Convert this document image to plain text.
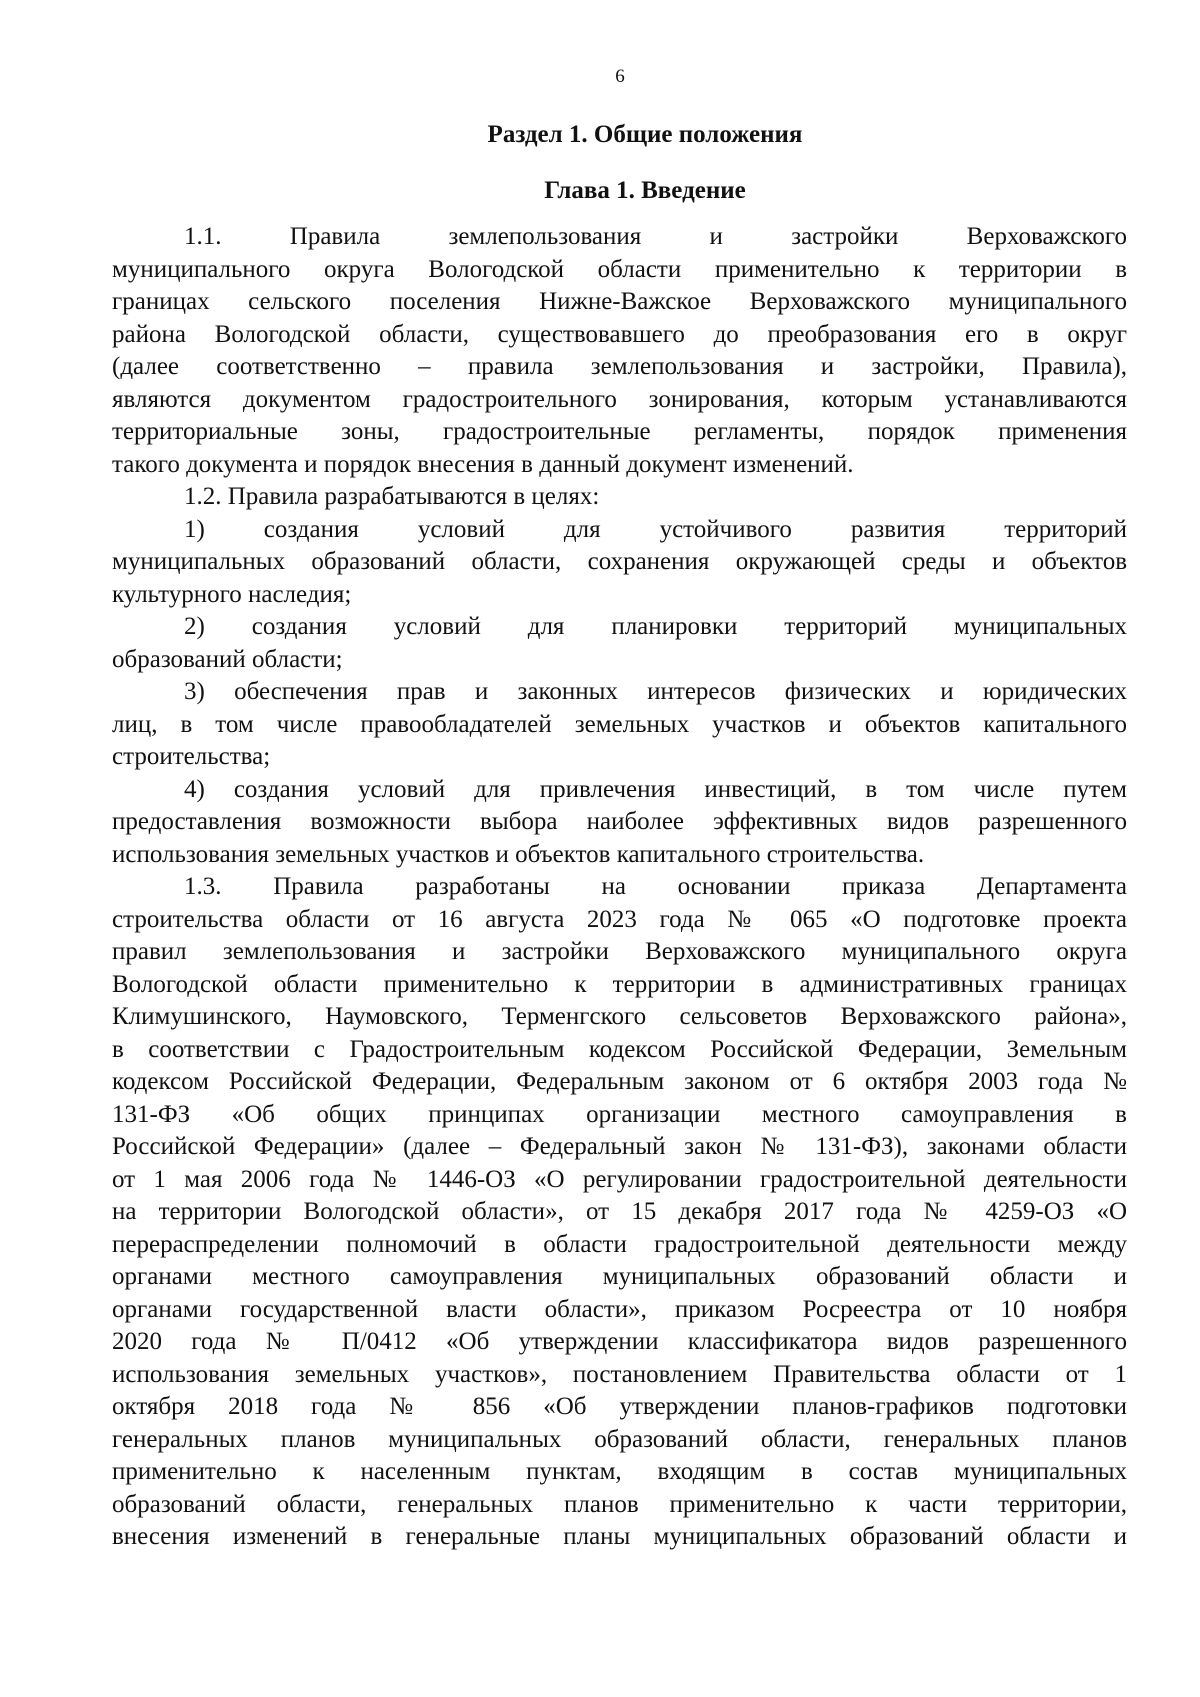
6
Раздел 1. Общие положения
Глава 1. Введение
1.1. Правила землепользования и застройки Верховажского
муниципального округа Вологодской области применительно к территории в
границах сельского поселения Нижне-Важское Верховажского муниципального
района Вологодской области, существовавшего до преобразования его в округ
(далее соответственно – правила землепользования и застройки, Правила),
являются документом градостроительного зонирования, которым устанавливаются
территориальные зоны, градостроительные регламенты, порядок применения
такого документа и порядок внесения в данный документ изменений.
1.2. Правила разрабатываются в целях:
1) создания условий для устойчивого развития территорий
муниципальных образований области, сохранения окружающей среды и объектов
культурного наследия;
2) создания условий для планировки территорий муниципальных
образований области;
3) обеспечения прав и законных интересов физических и юридических
лиц, в том числе правообладателей земельных участков и объектов капитального
строительства;
4) создания условий для привлечения инвестиций, в том числе путем
предоставления возможности выбора наиболее эффективных видов разрешенного
использования земельных участков и объектов капитального строительства.
1.3. Правила разработаны на основании приказа Департамента
строительства области от 16 августа 2023 года № 065 «О подготовке проекта
правил землепользования и застройки Верховажского муниципального округа
Вологодской области применительно к территории в административных границах
Климушинского, Наумовского, Терменгского сельсоветов Верховажского района»,
в соответствии с Градостроительным кодексом Российской Федерации, Земельным
кодексом Российской Федерации, Федеральным законом от 6 октября 2003 года №
131-ФЗ «Об общих принципах организации местного самоуправления в
Российской Федерации» (далее – Федеральный закон № 131-ФЗ), законами области
от 1 мая 2006 года № 1446-ОЗ «О регулировании градостроительной деятельности
на территории Вологодской области», от 15 декабря 2017 года № 4259-ОЗ «О
перераспределении полномочий в области градостроительной деятельности между
органами местного самоуправления муниципальных образований области и
органами государственной власти области», приказом Росреестра от 10 ноября
2020 года № П/0412 «Об утверждении классификатора видов разрешенного
использования земельных участков», постановлением Правительства области от 1
октября 2018 года № 856 «Об утверждении планов-графиков подготовки
генеральных планов муниципальных образований области, генеральных планов
применительно к населенным пунктам, входящим в состав муниципальных
образований области, генеральных планов применительно к части территории,
внесения изменений в генеральные планы муниципальных образований области и
